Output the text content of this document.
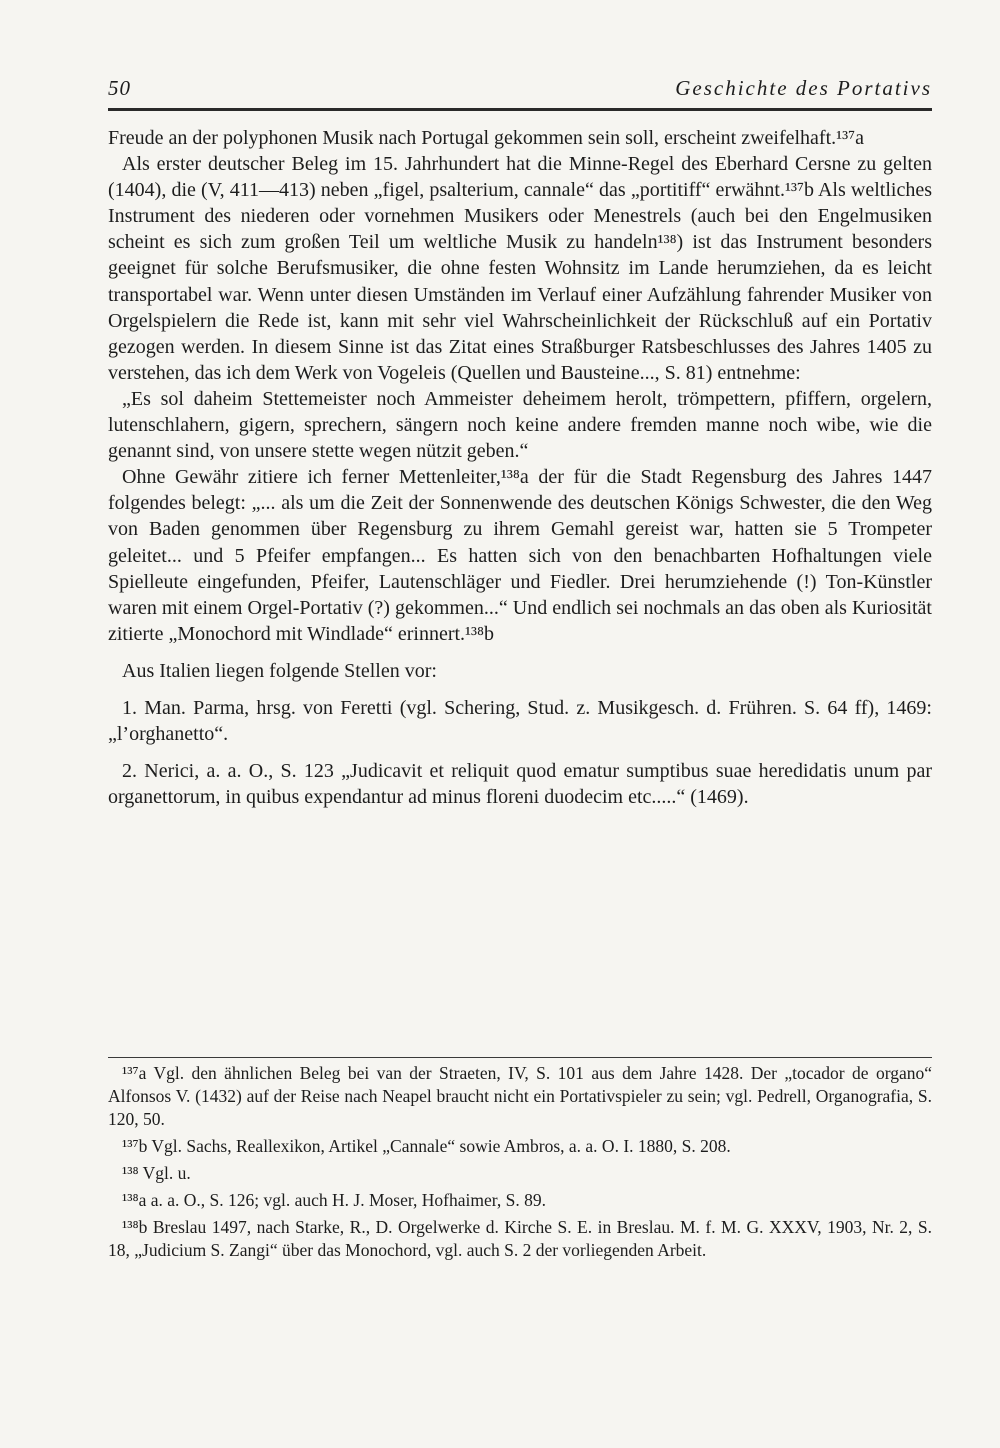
50	Geschichte des Portativs

Freude an der polyphonen Musik nach Portugal gekommen sein soll, erscheint zweifelhaft.¹³⁷a

Als erster deutscher Beleg im 15. Jahrhundert hat die Minne-Regel des Eberhard Cersne zu gelten (1404), die (V, 411—413) neben „figel, psalterium, cannale“ das „portitiff“ erwähnt.¹³⁷b Als weltliches Instrument des niederen oder vornehmen Musikers oder Menestrels (auch bei den Engelmusiken scheint es sich zum großen Teil um weltliche Musik zu handeln¹³⁸) ist das Instrument besonders geeignet für solche Berufsmusiker, die ohne festen Wohnsitz im Lande herumziehen, da es leicht transportabel war. Wenn unter diesen Umständen im Verlauf einer Aufzählung fahrender Musiker von Orgelspielern die Rede ist, kann mit sehr viel Wahrscheinlichkeit der Rückschluß auf ein Portativ gezogen werden. In diesem Sinne ist das Zitat eines Straßburger Ratsbeschlusses des Jahres 1405 zu verstehen, das ich dem Werk von Vogeleis (Quellen und Bausteine..., S. 81) entnehme:

„Es sol daheim Stettemeister noch Ammeister deheimem herolt, trömpettern, pfiffern, orgelern, lutenschlahern, gigern, sprechern, sängern noch keine andere fremden manne noch wibe, wie die genannt sind, von unsere stette wegen nützit geben.“

Ohne Gewähr zitiere ich ferner Mettenleiter,¹³⁸a der für die Stadt Regensburg des Jahres 1447 folgendes belegt: „... als um die Zeit der Sonnenwende des deutschen Königs Schwester, die den Weg von Baden genommen über Regensburg zu ihrem Gemahl gereist war, hatten sie 5 Trompeter geleitet... und 5 Pfeifer empfangen... Es hatten sich von den benachbarten Hofhaltungen viele Spielleute eingefunden, Pfeifer, Lautenschläger und Fiedler. Drei herumziehende (!) Ton-Künstler waren mit einem Orgel-Portativ (?) gekommen...“ Und endlich sei nochmals an das oben als Kuriosität zitierte „Monochord mit Windlade“ erinnert.¹³⁸b

Aus Italien liegen folgende Stellen vor:

1. Man. Parma, hrsg. von Feretti (vgl. Schering, Stud. z. Musikgesch. d. Frühren. S. 64 ff), 1469: „l’orghanetto“.

2. Nerici, a. a. O., S. 123 „Judicavit et reliquit quod ematur sumptibus suae heredidatis unum par organettorum, in quibus expendantur ad minus floreni duodecim etc.....“ (1469).

¹³⁷a Vgl. den ähnlichen Beleg bei van der Straeten, IV, S. 101 aus dem Jahre 1428. Der „tocador de organo“ Alfonsos V. (1432) auf der Reise nach Neapel braucht nicht ein Portativspieler zu sein; vgl. Pedrell, Organografia, S. 120, 50.

¹³⁷b Vgl. Sachs, Reallexikon, Artikel „Cannale“ sowie Ambros, a. a. O. I. 1880, S. 208.

¹³⁸ Vgl. u.

¹³⁸a a. a. O., S. 126; vgl. auch H. J. Moser, Hofhaimer, S. 89.

¹³⁸b Breslau 1497, nach Starke, R., D. Orgelwerke d. Kirche S. E. in Breslau. M. f. M. G. XXXV, 1903, Nr. 2, S. 18, „Judicium S. Zangi“ über das Monochord, vgl. auch S. 2 der vorliegenden Arbeit.
